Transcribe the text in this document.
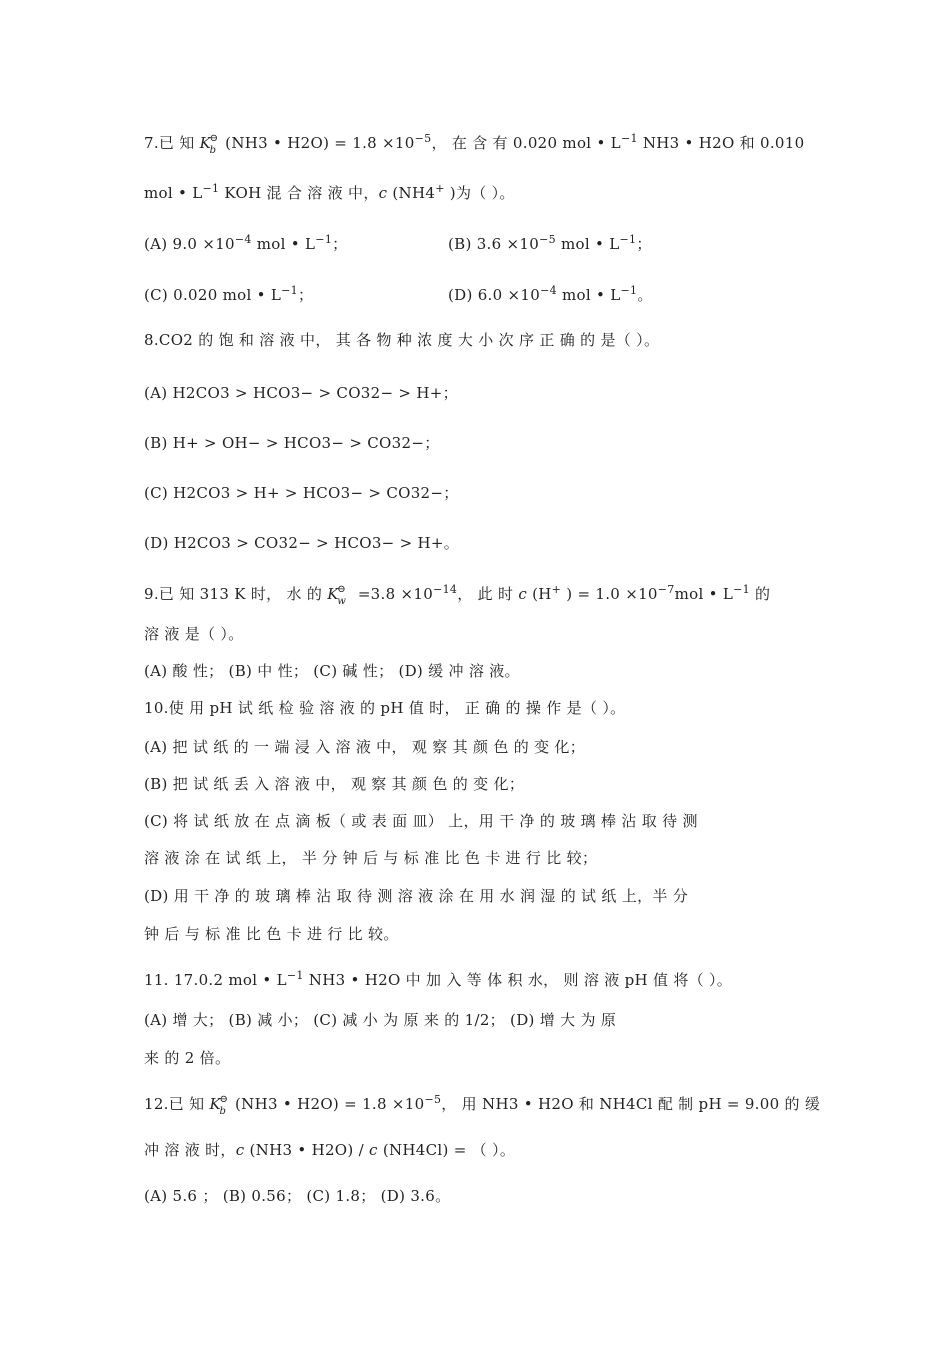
7.已 知 K
⊖
b (NH3 • $H2O) = 1.8 \times 10^{-5}$， 在 含 有 0.020 mol • $L^{-1}$ NH3 • H2O 和 0.010
mol • $L^{-1}$ KOH 混 合 溶 液 中，c (NH4+ )为（ ）。
(A) $9.0 \times 10^{-4}$ mol • $L^{-1}$；	(B) $3.6 \times 10^{-5}$ mol • $L^{-1}$；
(C) 0.020 mol • $L^{-1}$；	(D) $6.0 \times 10^{-4}$ mol • $L^{-1}$。
8.CO2 的 饱 和 溶 液 中， 其 各 物 种 浓 度 大 小 次 序 正 确 的 是（ ）。
(A) H2CO3 > HCO3− > CO32− > H+；
(B) H+ > OH− > HCO3− > CO32−；
(C) H2CO3 > H+ > HCO3− > CO32−；
(D) H2CO3 > CO32− > HCO3− > H+。
9.已 知 313 K 时， 水 的 K
⊖
$w =3.8 \times 10^{-14}$， 此 时 c (H+ ) = $1.0 \times 10^{-7}mol$ • $L^{-1}$ 的
溶 液 是（ ）。
(A) 酸 性； (B) 中 性； (C) 碱 性； (D) 缓 冲 溶 液。
10.使 用 pH 试 纸 检 验 溶 液 的 pH 值 时， 正 确 的 操 作 是（ ）。
(A) 把 试 纸 的 一 端 浸 入 溶 液 中， 观 察 其 颜 色 的 变 化；
(B) 把 试 纸 丢 入 溶 液 中， 观 察 其 颜 色 的 变 化；
(C) 将 试 纸 放 在 点 滴 板（ 或 表 面 皿） 上，用 干 净 的 玻 璃 棒 沾 取 待 测
溶 液 涂 在 试 纸 上， 半 分 钟 后 与 标 准 比 色 卡 进 行 比 较；
(D) 用 干 净 的 玻 璃 棒 沾 取 待 测 溶 液 涂 在 用 水 润 湿 的 试 纸 上，半 分
钟 后 与 标 准 比 色 卡 进 行 比 较。
11. 17.0.2 mol • $L^{-1}$ NH3 • H2O 中 加 入 等 体 积 水， 则 溶 液 pH 值 将（ ）。
(A) 增 大； (B) 减 小； (C) 减 小 为 原 来 的 1/2； (D) 增 大 为 原
来 的 2 倍。
12.已 知 K
⊖
b (NH3 • $H2O) = 1.8 \times 10^{-5}$， 用 NH3 • H2O 和 NH4Cl 配 制 pH = 9.00 的 缓
冲 溶 液 时，c (NH3 • H2O) / c (NH4Cl) = （ ）。
(A) 5.6 ； (B) 0.56； (C) 1.8； (D) 3.6。
